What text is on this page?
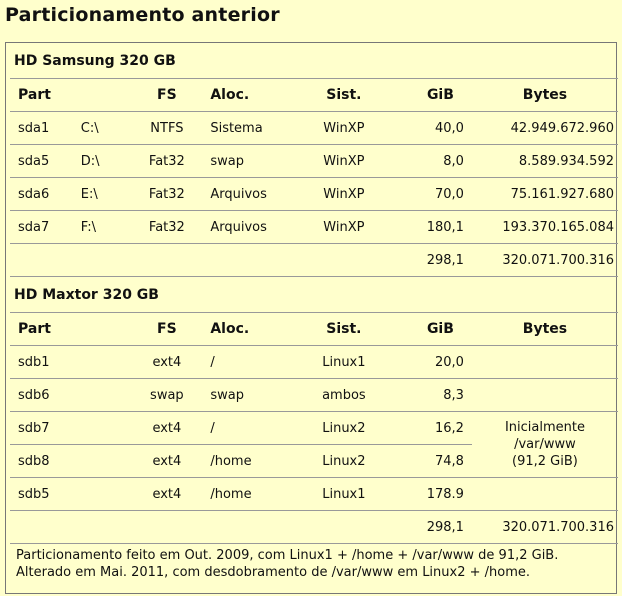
Particionamento anterior
HD Samsung 320 GB						
Part		FS	Aloc.	Sist.	GiB	Bytes
sda1	C:\	NTFS	Sistema	WinXP	40,0	42.949.672.960
sda5	D:\	Fat32	swap	WinXP	8,0	8.589.934.592
sda6	E:\	Fat32	Arquivos	WinXP	70,0	75.161.927.680
sda7	F:\	Fat32	Arquivos	WinXP	180,1	193.370.165.084
					298,1	320.071.700.316
HD Maxtor 320 GB						
Part		FS	Aloc.	Sist.	GiB	Bytes
sdb1		ext4	/	Linux1	20,0	
sdb6		swap	swap	ambos	8,3	
sdb7		ext4	/	Linux2	16,2	Inicialmente
/var/www
(91,2 GiB)

sdb8		ext4	/home	Linux2	74,8	
sdb5		ext4	/home	Linux1	178.9	
					298,1	320.071.700.316
Particionamento feito em Out. 2009, com Linux1 + /home + /var/www de 91,2 GiB.
Alterado em Mai. 2011, com desdobramento de /var/www em Linux2 + /home.
